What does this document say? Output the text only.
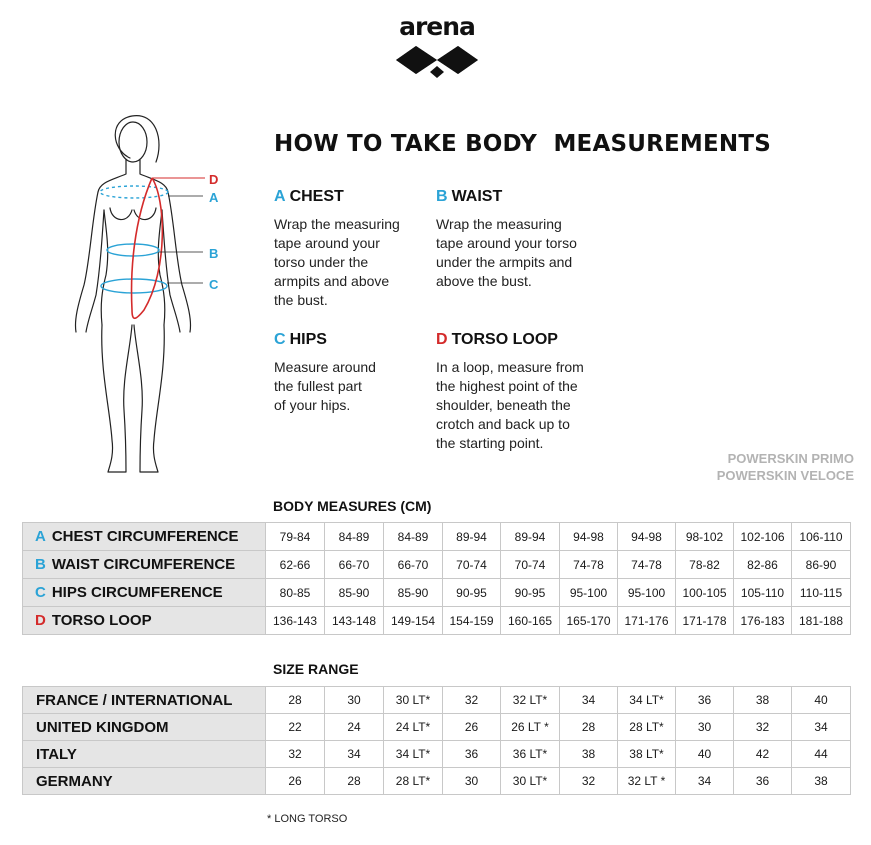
arena
D
A
B
C
HOW TO TAKE BODY  MEASUREMENTS
A CHEST
Wrap the measuring
tape around your
torso under the
armpits and above
the bust.
B WAIST
Wrap the measuring
tape around your torso
under the armpits and
above the bust.
C HIPS
Measure around
the fullest part
of your hips.
D TORSO LOOP
In a loop, measure from
the highest point of the
shoulder, beneath the
crotch and back up to
the starting point.
POWERSKIN PRIMO
POWERSKIN VELOCE
BODY MEASURES (CM)
A CHEST CIRCUMFERENCE	79-84	84-89	84-89	89-94	89-94	94-98	94-98	98-102	102-106	106-110
B WAIST CIRCUMFERENCE	62-66	66-70	66-70	70-74	70-74	74-78	74-78	78-82	82-86	86-90
C HIPS CIRCUMFERENCE	80-85	85-90	85-90	90-95	90-95	95-100	95-100	100-105	105-110	110-115
D TORSO LOOP	136-143	143-148	149-154	154-159	160-165	165-170	171-176	171-178	176-183	181-188
SIZE RANGE
FRANCE / INTERNATIONAL	28	30	30 LT*	32	32 LT*	34	34 LT*	36	38	40
UNITED KINGDOM	22	24	24 LT*	26	26 LT *	28	28 LT*	30	32	34
ITALY	32	34	34 LT*	36	36 LT*	38	38 LT*	40	42	44
GERMANY	26	28	28 LT*	30	30 LT*	32	32 LT *	34	36	38
* LONG TORSO
